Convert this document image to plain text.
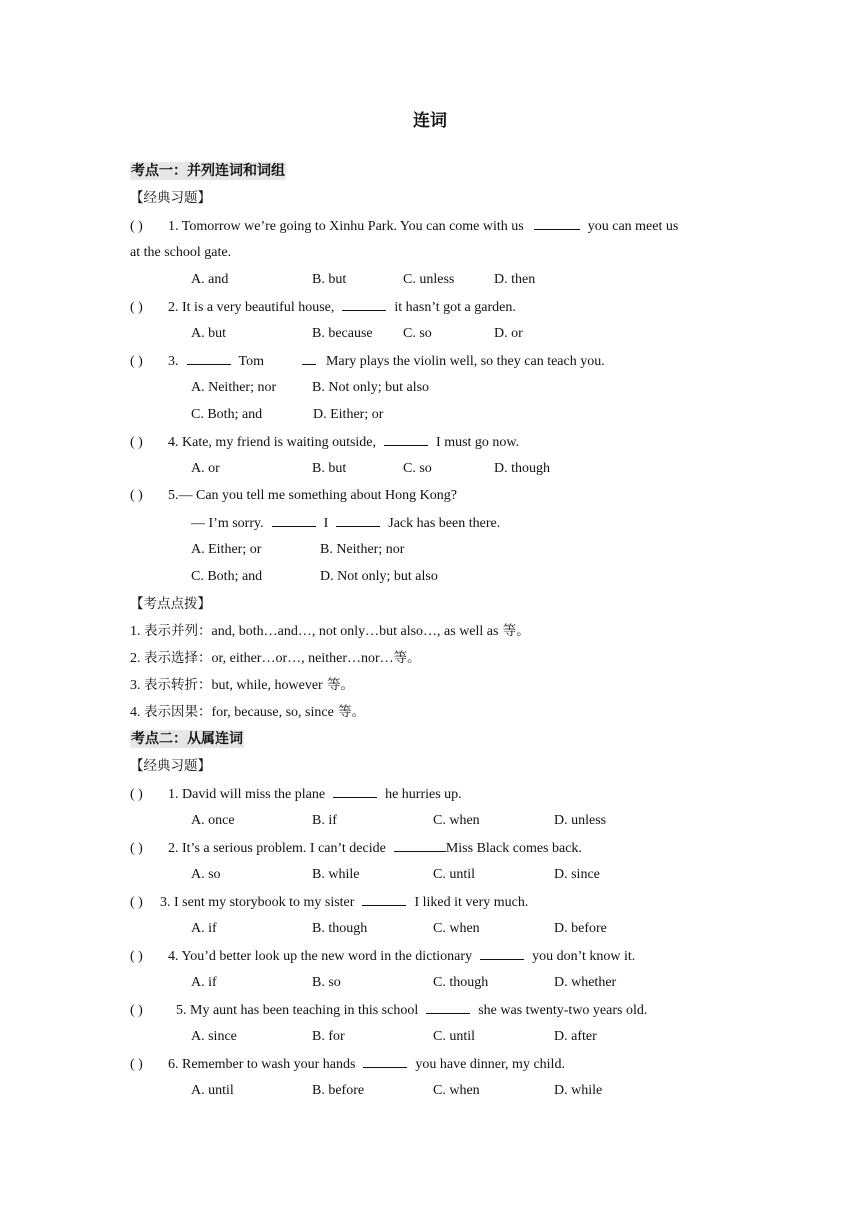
连词
考点一：并列连词和词组
【经典习题】
( ) 1. Tomorrow we’re going to Xinhu Park. You can come with us	you can meet us
at the school gate.
A. and	B. but	C. unless	D. then
( ) 2. It is a very beautiful house,	it hasn’t got a garden.
A. but	B. because C. so	D. or
( ) 3.	Tom	Mary plays the violin well, so they can teach you.
A. Neither; nor	B. Not only; but also
C. Both; and	D. Either; or
( ) 4. Kate, my friend is waiting outside,	I must go now.
A. or	B. but	C. so	D. though
( ) 5.— Can you tell me something about Hong Kong?
— I’m sorry.	I	Jack has been there.
A. Either; or	B. Neither; nor
C. Both; and	D. Not only; but also
【考点点拨】
1. 表示并列：and, both…and…, not only…but also…, as well as 等。
2. 表示选择：or, either…or…, neither…nor…等。
3. 表示转折：but, while, however 等。
4. 表示因果：for, because, so, since 等。
考点二：从属连词
【经典习题】
( ) 1. David will miss the plane	he hurries up.
A. once	B. if	C. when	D. unless
( ) 2. It’s a serious problem. I can’t decide	Miss Black comes back.
A. so	B. while	C. until	D. since
( ) 3. I sent my storybook to my sister	I liked it very much.
A. if	B. though	C. when	D. before
( ) 4. You’d better look up the new word in the dictionary	you don’t know it.
A. if	B. so	C. though	D. whether
( ) 5. My aunt has been teaching in this school	she was twenty-two years old.
A. since	B. for	C. until	D. after
( ) 6. Remember to wash your hands	you have dinner, my child.
A. until	B. before	C. when	D. while
